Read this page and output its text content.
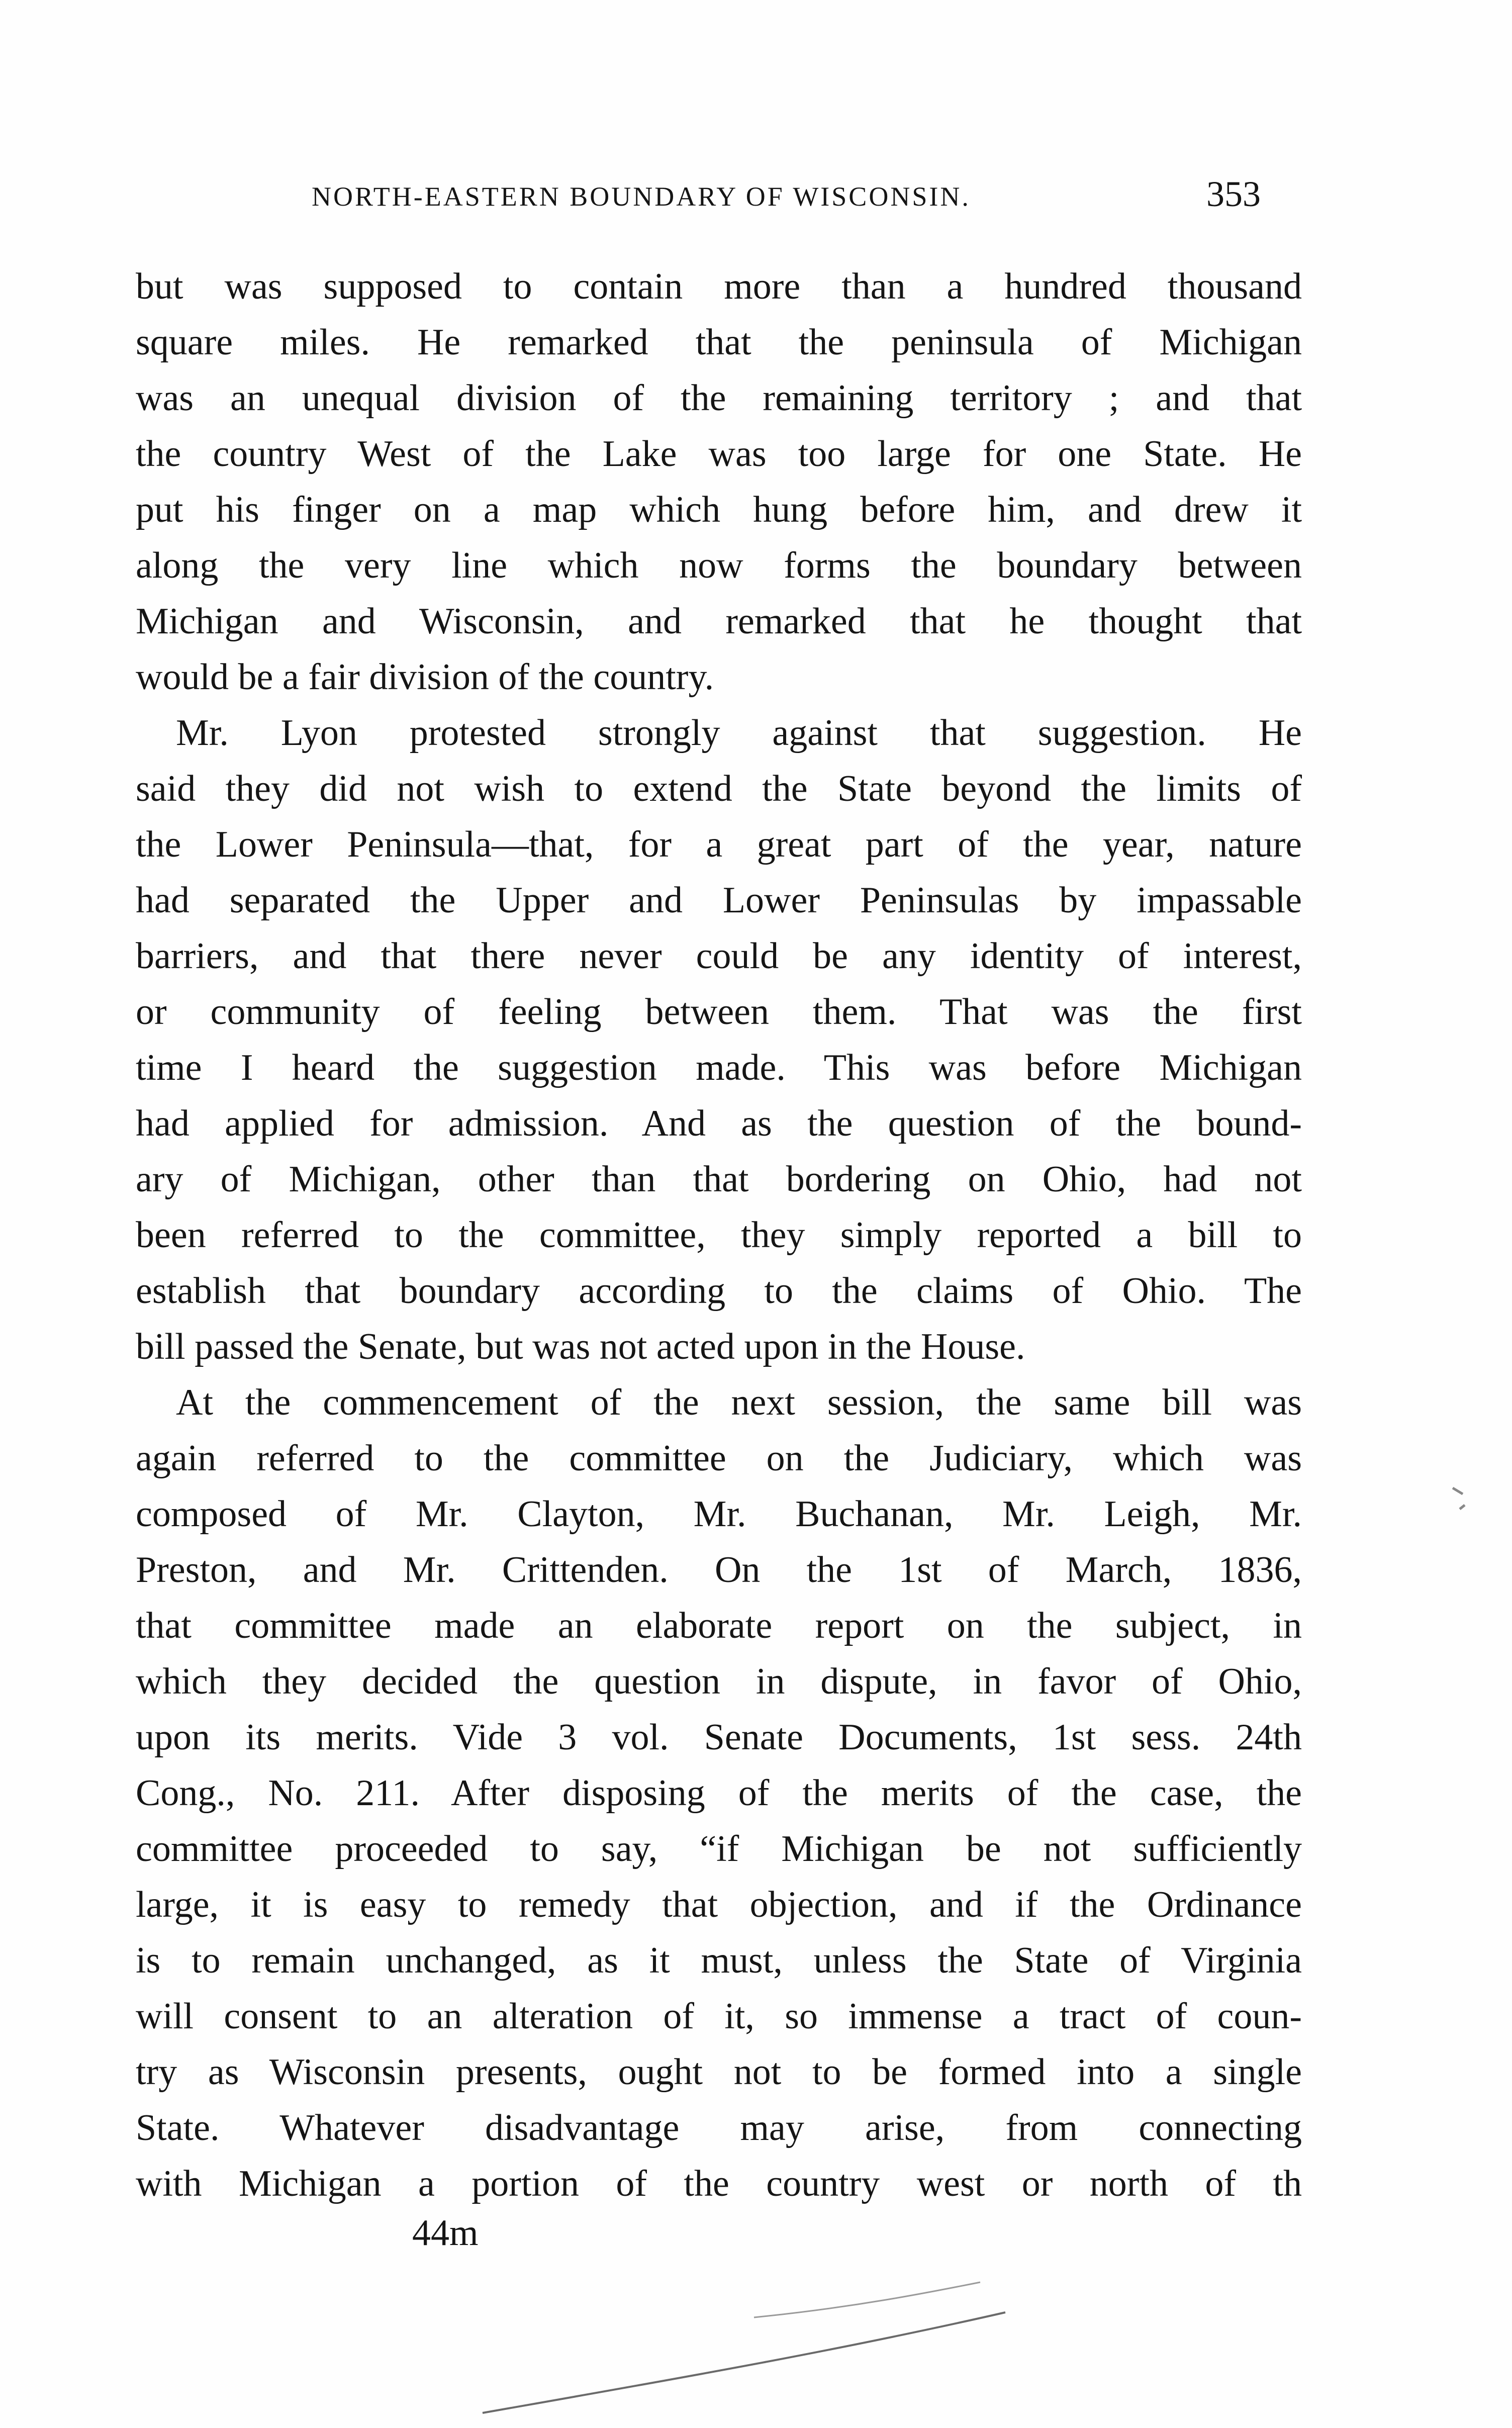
NORTH-EASTERN BOUNDARY OF WISCONSIN.	353
but was supposed to contain more than a hundred thousand
square miles. He remarked that the peninsula of Michigan
was an unequal division of the remaining territory ; and that
the country West of the Lake was too large for one State. He
put his finger on a map which hung before him, and drew it
along the very line which now forms the boundary between
Michigan and Wisconsin, and remarked that he thought that
would be a fair division of the country.
Mr. Lyon protested strongly against that suggestion. He
said they did not wish to extend the State beyond the limits of
the Lower Peninsula—that, for a great part of the year, nature
had separated the Upper and Lower Peninsulas by impassable
barriers, and that there never could be any identity of interest,
or community of feeling between them. That was the first
time I heard the suggestion made. This was before Michigan
had applied for admission. And as the question of the bound-
ary of Michigan, other than that bordering on Ohio, had not
been referred to the committee, they simply reported a bill to
establish that boundary according to the claims of Ohio. The
bill passed the Senate, but was not acted upon in the House.
At the commencement of the next session, the same bill was
again referred to the committee on the Judiciary, which was
composed of Mr. Clayton, Mr. Buchanan, Mr. Leigh, Mr.
Preston, and Mr. Crittenden. On the 1st of March, 1836,
that committee made an elaborate report on the subject, in
which they decided the question in dispute, in favor of Ohio,
upon its merits. Vide 3 vol. Senate Documents, 1st sess. 24th
Cong., No. 211. After disposing of the merits of the case, the
committee proceeded to say, “if Michigan be not sufficiently
large, it is easy to remedy that objection, and if the Ordinance
is to remain unchanged, as it must, unless the State of Virginia
will consent to an alteration of it, so immense a tract of coun-
try as Wisconsin presents, ought not to be formed into a single
State. Whatever disadvantage may arise, from connecting
with Michigan a portion of the country west or north of th
44m
